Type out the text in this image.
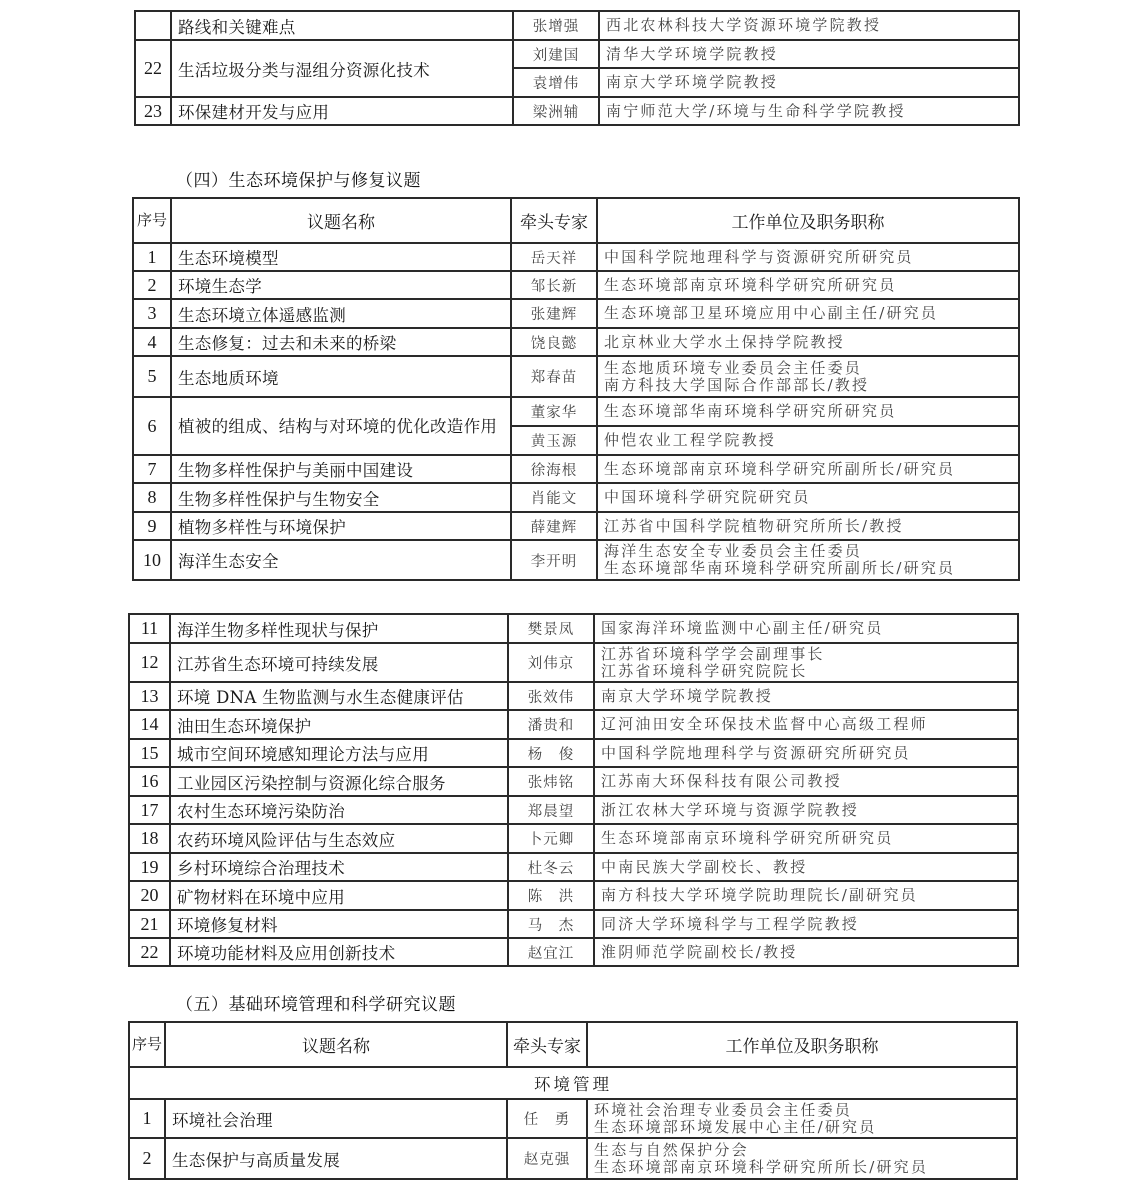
	路线和关键难点	张增强	西北农林科技大学资源环境学院教授
22	生活垃圾分类与湿组分资源化技术	刘建国	清华大学环境学院教授
		袁增伟	南京大学环境学院教授
23	环保建材开发与应用	梁洲辅	南宁师范大学/环境与生命科学学院教授
（四）生态环境保护与修复议题
序号	议题名称	牵头专家	工作单位及职务职称
1	生态环境模型	岳天祥	中国科学院地理科学与资源研究所研究员

2	环境生态学	邹长新	生态环境部南京环境科学研究所研究员

3	生态环境立体遥感监测	张建辉	生态环境部卫星环境应用中心副主任/研究员

4	生态修复：过去和未来的桥梁	饶良懿	北京林业大学水土保持学院教授

5	生态地质环境	郑春苗	生态地质环境专业委员会主任委员
南方科技大学国际合作部部长/教授

6	植被的组成、结构与对环境的优化改造作用	董家华	生态环境部华南环境科学研究所研究员

		黄玉源	仲恺农业工程学院教授

7	生物多样性保护与美丽中国建设	徐海根	生态环境部南京环境科学研究所副所长/研究员

8	生物多样性保护与生物安全	肖能文	中国环境科学研究院研究员

9	植物多样性与环境保护	薛建辉	江苏省中国科学院植物研究所所长/教授

10	海洋生态安全	李开明	海洋生态安全专业委员会主任委员
生态环境部华南环境科学研究所副所长/研究员
11	海洋生物多样性现状与保护	樊景凤	国家海洋环境监测中心副主任/研究员

12	江苏省生态环境可持续发展	刘伟京	江苏省环境科学学会副理事长
江苏省环境科学研究院院长

13	环境 DNA 生物监测与水生态健康评估	张效伟	南京大学环境学院教授

14	油田生态环境保护	潘贵和	辽河油田安全环保技术监督中心高级工程师

15	城市空间环境感知理论方法与应用	杨　俊	中国科学院地理科学与资源研究所研究员

16	工业园区污染控制与资源化综合服务	张炜铭	江苏南大环保科技有限公司教授

17	农村生态环境污染防治	郑晨望	浙江农林大学环境与资源学院教授

18	农药环境风险评估与生态效应	卜元卿	生态环境部南京环境科学研究所研究员

19	乡村环境综合治理技术	杜冬云	中南民族大学副校长、教授

20	矿物材料在环境中应用	陈　洪	南方科技大学环境学院助理院长/副研究员

21	环境修复材料	马　杰	同济大学环境科学与工程学院教授

22	环境功能材料及应用创新技术	赵宜江	淮阴师范学院副校长/教授
（五）基础环境管理和科学研究议题
序号	议题名称	牵头专家	工作单位及职务职称
环境管理			
1	环境社会治理	任　勇	环境社会治理专业委员会主任委员
生态环境部环境发展中心主任/研究员

2	生态保护与高质量发展	赵克强	生态与自然保护分会
生态环境部南京环境科学研究所所长/研究员
